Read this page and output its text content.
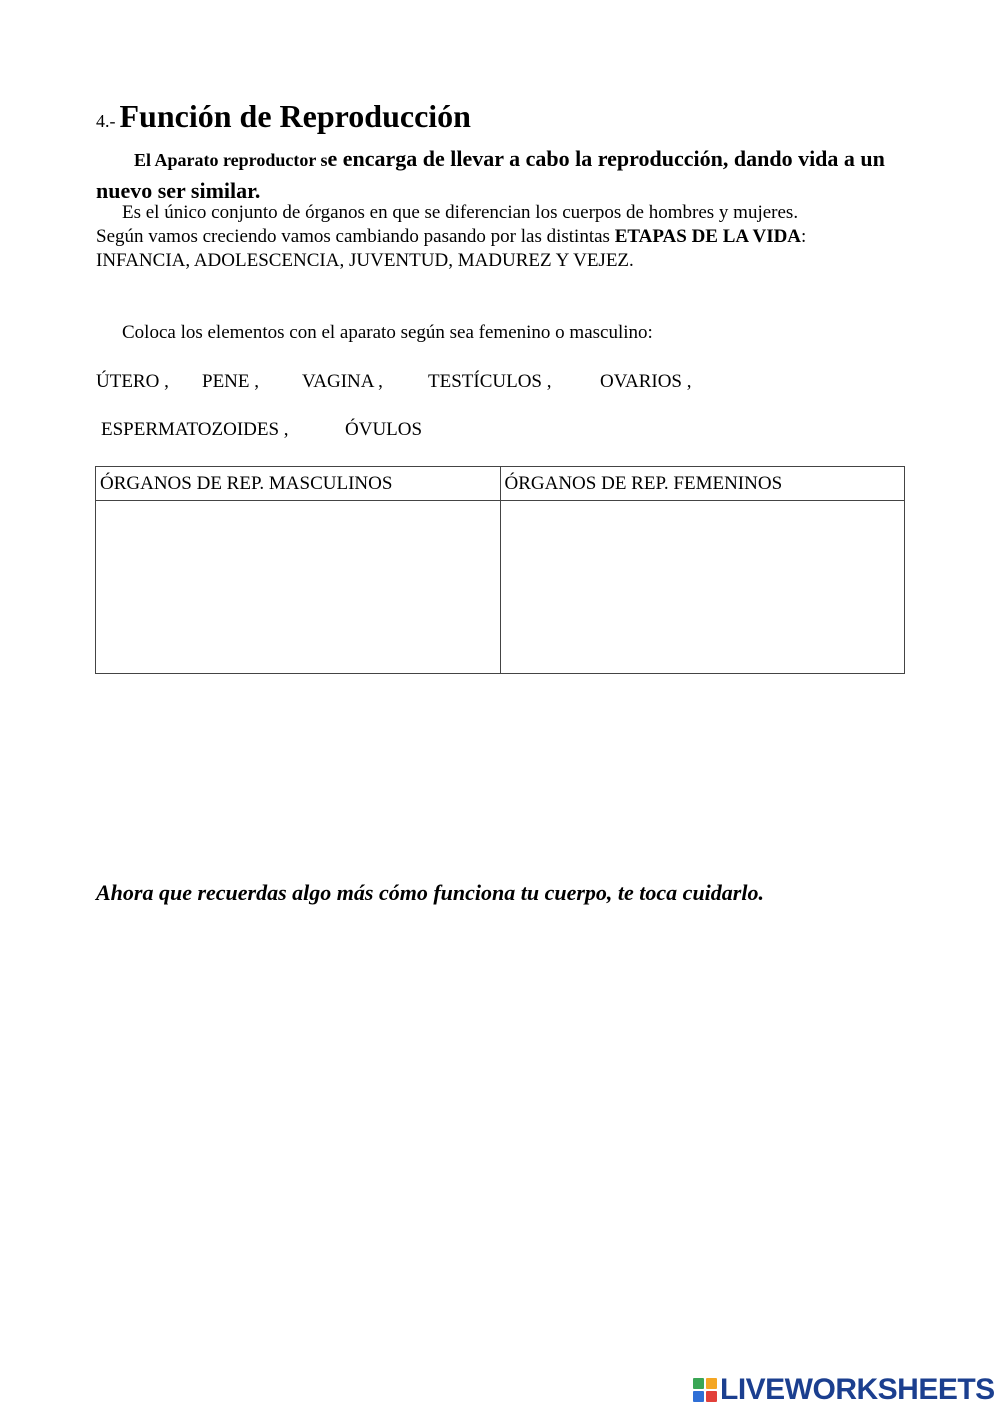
4.- Función de Reproducción
El Aparato reproductor se encarga de llevar a cabo la reproducción, dando vida a un nuevo ser similar.
Es el único conjunto de órganos en que se diferencian los cuerpos de hombres y mujeres.
Según vamos creciendo vamos cambiando pasando por las distintas ETAPAS DE LA VIDA:
INFANCIA, ADOLESCENCIA, JUVENTUD, MADUREZ Y VEJEZ.
Coloca los elementos con el aparato según sea femenino o masculino:
ÚTERO , PENE , VAGINA , TESTÍCULOS ,	OVARIOS ,
ESPERMATOZOIDES ,	ÓVULOS
ÓRGANOS DE REP. MASCULINOS	ÓRGANOS DE REP. FEMENINOS

Ahora que recuerdas algo más cómo funciona tu cuerpo, te toca cuidarlo.
LIVEWORKSHEETS
